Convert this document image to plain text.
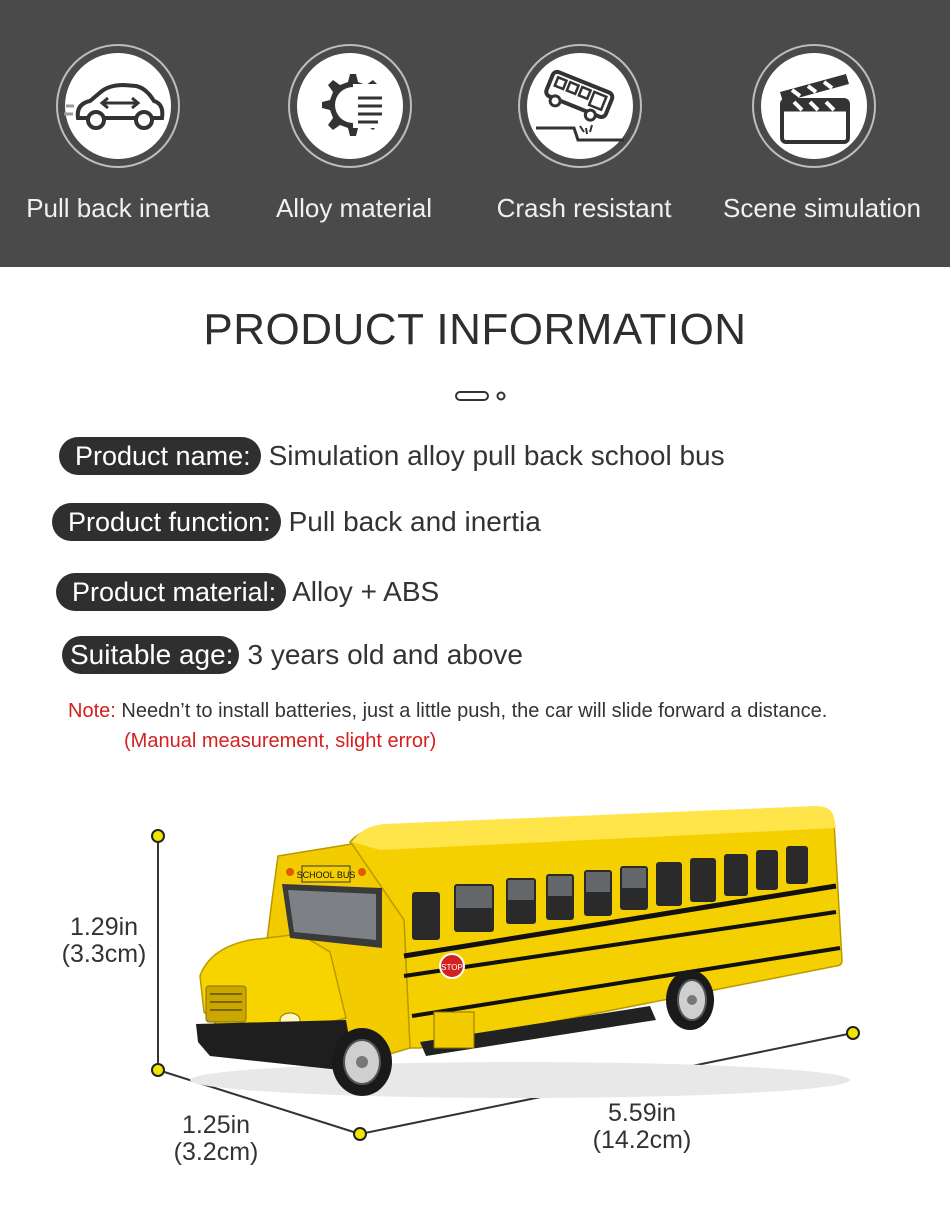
Pull back inertia	Alloy material	Crash resistant	Scene simulation
PRODUCT INFORMATION
Product name: Simulation alloy pull back school bus
Product function: Pull back and inertia
Product material: Alloy + ABS
Suitable age: 3 years old and above
Note: Needn’t to install batteries, just a little push, the car will slide forward a distance.
(Manual measurement, slight error)
SCHOOL BUS
STOP
1.29in
(3.3cm)
1.25in
(3.2cm)
5.59in
(14.2cm)
